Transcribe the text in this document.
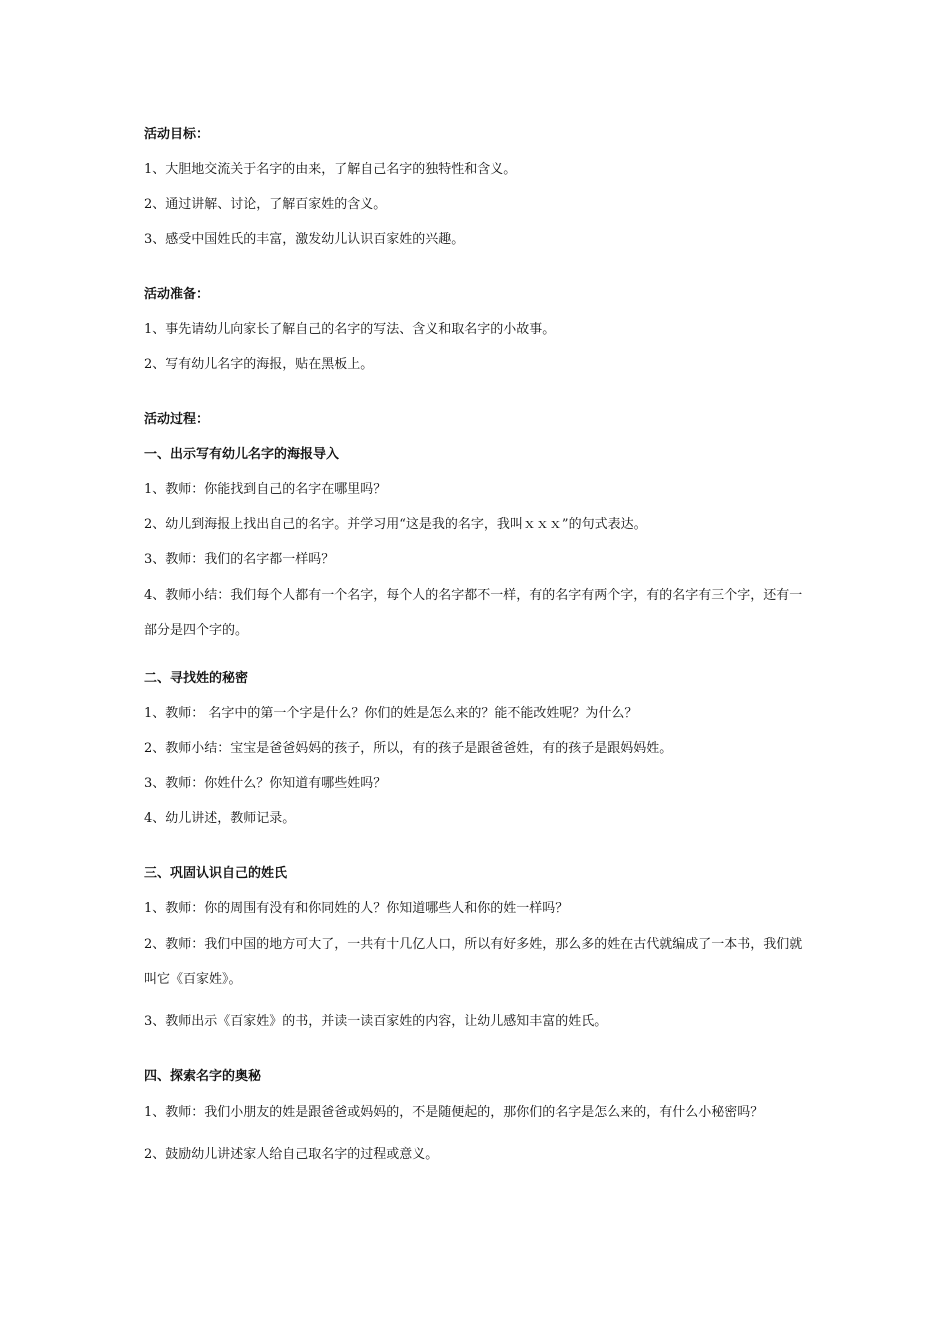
活动目标：
1、大胆地交流关于名字的由来，了解自己名字的独特性和含义。
2、通过讲解、讨论，了解百家姓的含义。
3、感受中国姓氏的丰富，激发幼儿认识百家姓的兴趣。
活动准备：
1、事先请幼儿向家长了解自己的名字的写法、含义和取名字的小故事。
2、写有幼儿名字的海报，贴在黑板上。
活动过程：
一、出示写有幼儿名字的海报导入
1、教师：你能找到自己的名字在哪里吗？
2、幼儿到海报上找出自己的名字。并学习用“这是我的名字，我叫ｘｘｘ”的句式表达。
3、教师：我们的名字都一样吗？
4、教师小结：我们每个人都有一个名字，每个人的名字都不一样，有的名字有两个字，有的名字有三个字，还有一部分是四个字的。
二、寻找姓的秘密
1、教师： 名字中的第一个字是什么？你们的姓是怎么来的？能不能改姓呢？为什么？
2、教师小结：宝宝是爸爸妈妈的孩子，所以，有的孩子是跟爸爸姓，有的孩子是跟妈妈姓。
3、教师：你姓什么？你知道有哪些姓吗？
4、幼儿讲述，教师记录。
三、巩固认识自己的姓氏
1、教师：你的周围有没有和你同姓的人？你知道哪些人和你的姓一样吗？
2、教师：我们中国的地方可大了，一共有十几亿人口，所以有好多姓，那么多的姓在古代就编成了一本书，我们就叫它《百家姓》。
3、教师出示《百家姓》的书，并读一读百家姓的内容，让幼儿感知丰富的姓氏。
四、探索名字的奥秘
1、教师：我们小朋友的姓是跟爸爸或妈妈的，不是随便起的，那你们的名字是怎么来的，有什么小秘密吗？
2、鼓励幼儿讲述家人给自己取名字的过程或意义。
